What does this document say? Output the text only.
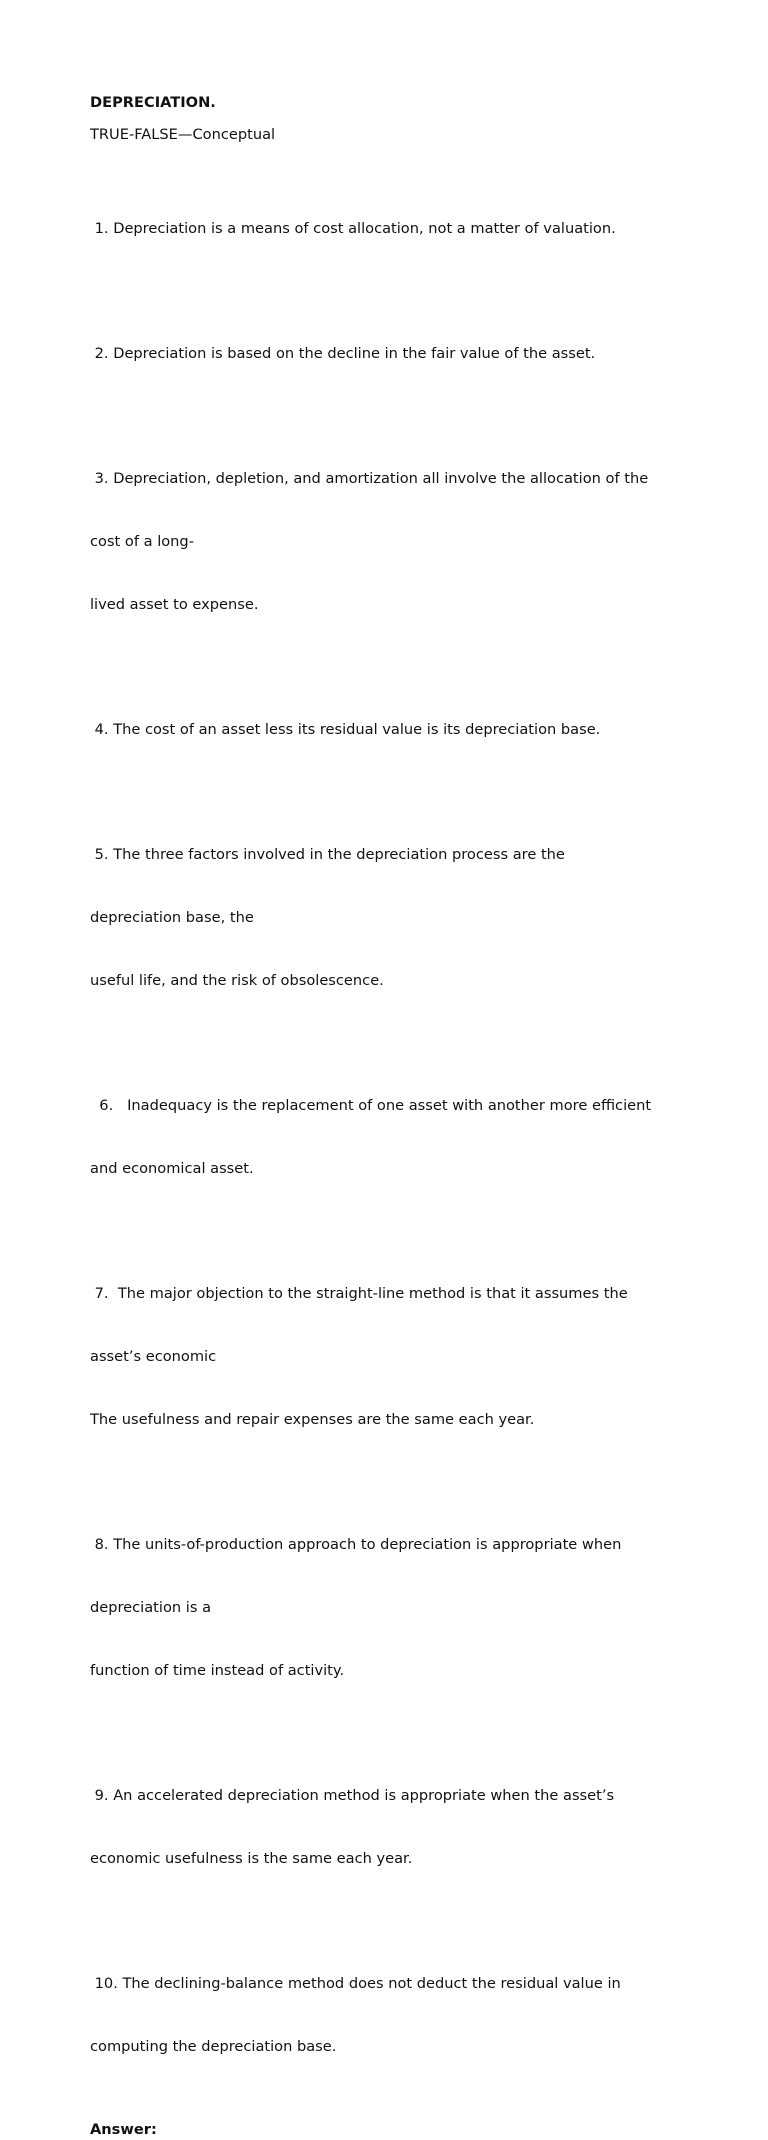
DEPRECIATION.
TRUE-FALSE—Conceptual

1. Depreciation is a means of cost allocation, not a matter of valuation.

2. Depreciation is based on the decline in the fair value of the asset.

3. Depreciation, depletion, and amortization all involve the allocation of the

cost of a long-

lived asset to expense.

4. The cost of an asset less its residual value is its depreciation base.

5. The three factors involved in the depreciation process are the

depreciation base, the

useful life, and the risk of obsolescence.

6.   Inadequacy is the replacement of one asset with another more efficient

and economical asset.

7.  The major objection to the straight-line method is that it assumes the

asset’s economic

The usefulness and repair expenses are the same each year.

8. The units-of-production approach to depreciation is appropriate when

depreciation is a

function of time instead of activity.

9. An accelerated depreciation method is appropriate when the asset’s

economic usefulness is the same each year.

10. The declining-balance method does not deduct the residual value in

computing the depreciation base.

Answer:
